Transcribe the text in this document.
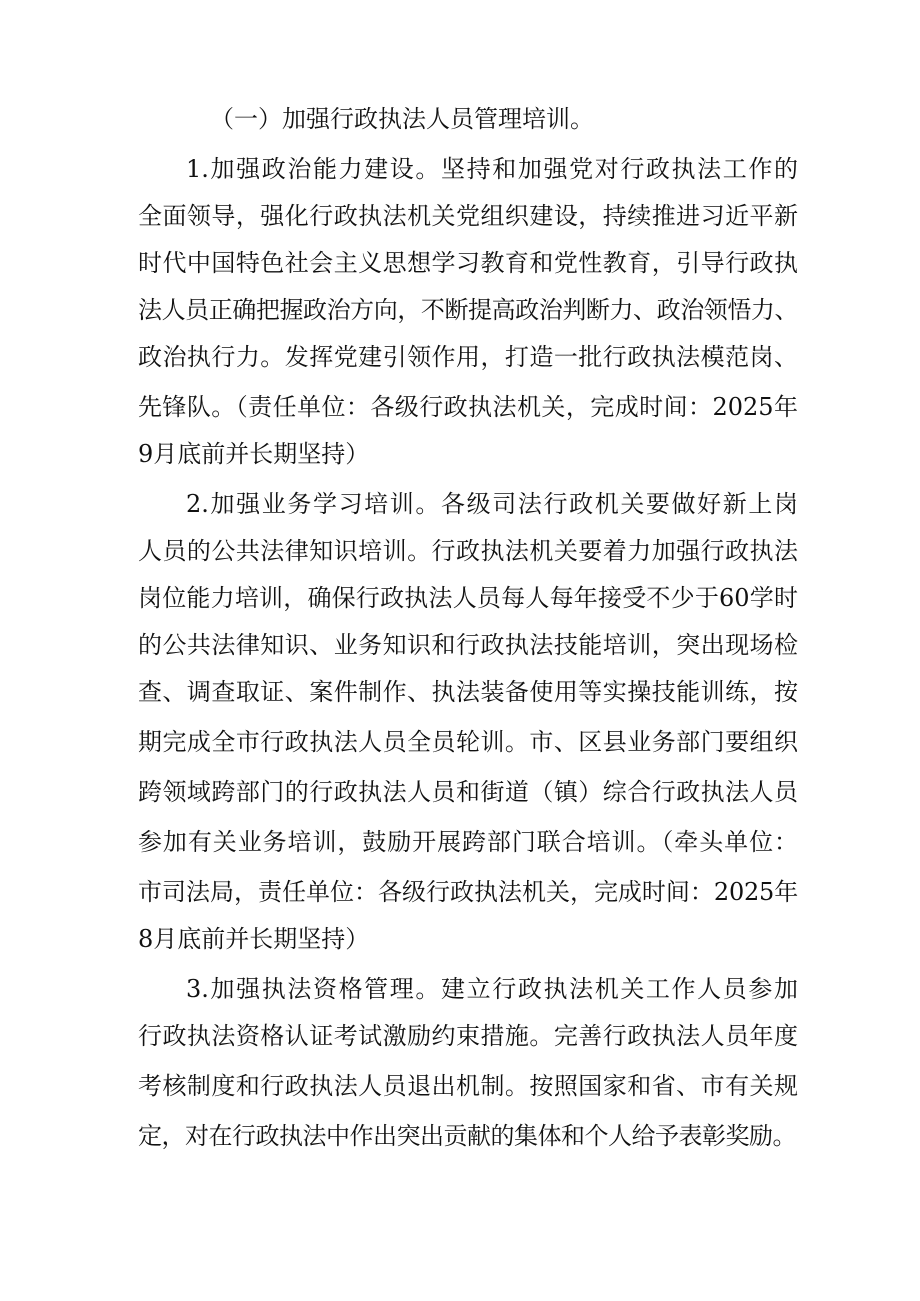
（一）加强行政执法人员管理培训。
1.加强政治能力建设。坚持和加强党对行政执法工作的
全面领导，强化行政执法机关党组织建设，持续推进习近平新
时代中国特色社会主义思想学习教育和党性教育，引导行政执
法人员正确把握政治方向，不断提高政治判断力、政治领悟力、
政治执行力。发挥党建引领作用，打造一批行政执法模范岗、
先锋队。（责任单位：各级行政执法机关，完成时间：2025年
9月底前并长期坚持）
2.加强业务学习培训。各级司法行政机关要做好新上岗
人员的公共法律知识培训。行政执法机关要着力加强行政执法
岗位能力培训，确保行政执法人员每人每年接受不少于60学时
的公共法律知识、业务知识和行政执法技能培训，突出现场检
查、调查取证、案件制作、执法装备使用等实操技能训练，按
期完成全市行政执法人员全员轮训。市、区县业务部门要组织
跨领域跨部门的行政执法人员和街道（镇）综合行政执法人员
参加有关业务培训，鼓励开展跨部门联合培训。（牵头单位：
市司法局，责任单位：各级行政执法机关，完成时间：2025年
8月底前并长期坚持）
3.加强执法资格管理。建立行政执法机关工作人员参加
行政执法资格认证考试激励约束措施。完善行政执法人员年度
考核制度和行政执法人员退出机制。按照国家和省、市有关规
定，对在行政执法中作出突出贡献的集体和个人给予表彰奖励。
